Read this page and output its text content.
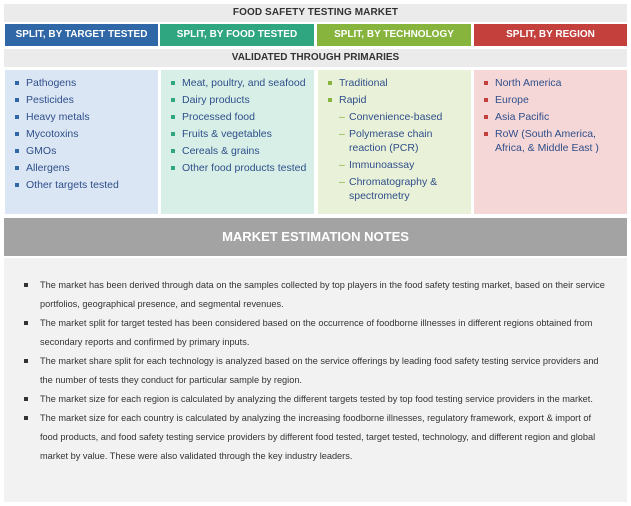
FOOD SAFETY TESTING MARKET
SPLIT, BY TARGET TESTED	SPLIT, BY FOOD TESTED	SPLIT, BY TECHNOLOGY	SPLIT, BY REGION
VALIDATED THROUGH PRIMARIES
Pathogens
Pesticides
Heavy metals
Mycotoxins
GMOs
Allergens
Other targets tested
Meat, poultry, and seafood
Dairy products
Processed food
Fruits & vegetables
Cereals & grains
Other food products tested
Traditional
Rapid
– Convenience-based
– Polymerase chain reaction (PCR)
– Immunoassay
– Chromatography & spectrometry
North America
Europe
Asia Pacific
RoW (South America, Africa, & Middle East )
MARKET ESTIMATION NOTES
The market has been derived through data on the samples collected by top players in the food safety testing market, based on their service portfolios, geographical presence, and segmental revenues.
The market split for target tested has been considered based on the occurrence of foodborne illnesses in different regions obtained from secondary reports and confirmed by primary inputs.
The market share split for each technology is analyzed based on the service offerings by leading food safety testing service providers and the number of tests they conduct for particular sample by region.
The market size for each region is calculated by analyzing the different targets tested by top food testing service providers in the market.
The market size for each country is calculated by analyzing the increasing foodborne illnesses, regulatory framework, export & import of food products, and food safety testing service providers by different food tested, target tested, technology, and different region and global market by value. These were also validated through the key industry leaders.
